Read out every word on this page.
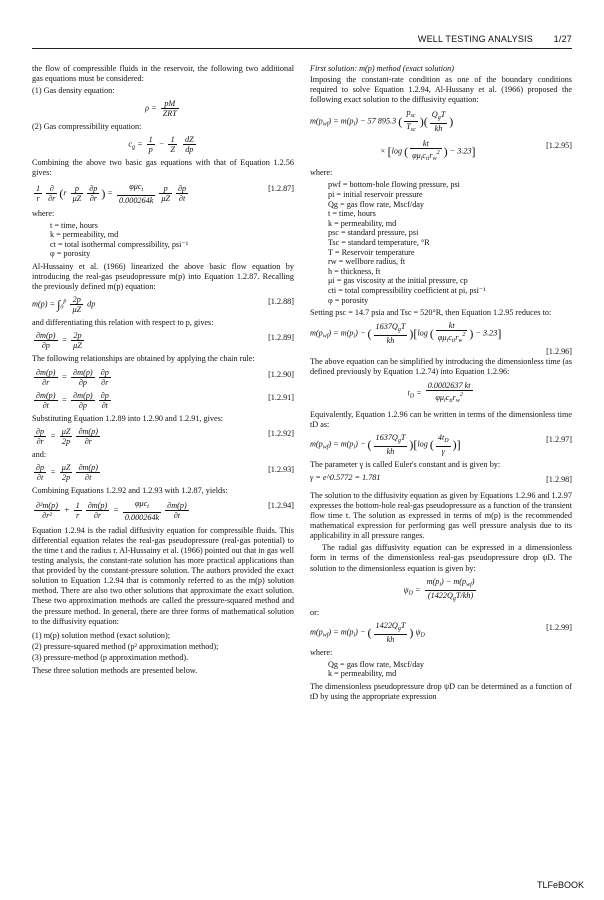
WELL TESTING ANALYSIS 1/27

the flow of compressible fluids in the reservoir, the following two additional gas equations must be considered:

(1) Gas density equation:

$\rho = \frac{pM}{\text{ZRT}}$

(2) Gas compressibility equation:

$c_g = \frac{1}{p} - \frac{1}{Z}$
$\frac{dZ}{dp}$

Combining the above two basic gas equations with that of Equation 1.2.56 gives:

$\frac{1}{r} \frac{\partial}{\partial r} (r \frac{p}{\mu Z} \frac{\partial p}{\partial r}$ ) = $\frac{\varphi\mu c_t}{0.000264k} \frac{p}{\mu Z} \frac{\partial p}{\partial t}$	[1.2.87]

where:

t = time, hours
k = permeability, md
ct = total isothermal compressibility, psi⁻¹
φ = porosity

Al-Hussainy et al. (1966) linearized the above basic flow equation by introducing the real-gas pseudopressure m(p) into Equation 1.2.87. Recalling the previously defined m(p) equation:

$m(p) = \int_0^p \frac{2p}{\mu Z}$ dp	[1.2.88]

and differentiating this relation with respect to p, gives:

$\frac{\partial m(p)}{\partial p} = \frac{2p}{\mu Z}$	[1.2.89]

The following relationships are obtained by applying the chain rule:

$\frac{\partial m(p)}{\partial r} = \frac{\partial m(p)}{\partial p} \frac{\partial p}{\partial r}$	[1.2.90]
$\frac{\partial m(p)}{\partial t} = \frac{\partial m(p)}{\partial p} \frac{\partial p}{\partial t}$	[1.2.91]

Substituting Equation 1.2.89 into 1.2.90 and 1.2.91, gives:

$\frac{\partial p}{\partial r} = \frac{\mu Z}{2p} \frac{\partial m(p)}{\partial r}$	[1.2.92]

and:

$\frac{\partial p}{\partial t} = \frac{\mu Z}{2p} \frac{\partial m(p)}{\partial t}$	[1.2.93]

Combining Equations 1.2.92 and 1.2.93 with 1.2.87, yields:

$\frac{\text{∂²m(p)}}{\text{∂r²}} + \frac{1}{r} \frac{\partial m(p)}{\partial r} = \frac{\varphi\mu c_t}{0.000264k} \frac{\partial m(p)}{\partial t}$	[1.2.94]

Equation 1.2.94 is the radial diffusivity equation for compressible fluids. This differential equation relates the real-gas pseudopressure (real-gas potential) to the time t and the radius r. Al-Hussainy et al. (1966) pointed out that in gas well testing analysis, the constant-rate solution has more practical applications than that provided by the constant-pressure solution. The authors provided the exact solution to Equation 1.2.94 that is commonly referred to as the m(p) solution method. There are also two other solutions that approximate the exact solution. These two approximation methods are called the pressure-squared method and the pressure method. In general, there are three forms of mathematical solution to the diffusivity equation:

(1) m(p) solution method (exact solution);
(2) pressure-squared method (p² approximation method);
(3) pressure-method (p approximation method).

These three solution methods are presented below.

First solution: m(p) method (exact solution)

Imposing the constant-rate condition as one of the boundary conditions required to solve Equation 1.2.94, Al-Hussany et al. (1966) proposed the following exact solution to the diffusivity equation:

$m(p_{wf}) = m(p_i) - 57$ 895.3 ( $\frac{p_{sc}}{T_{sc}}$ )( $\frac{Q_gT}{kh}$ )
× [log ( $\frac{kt}{\varphi\mu_ic_{ti}r_w^2}$ ) − 3.23]	[1.2.95]

where:

pwf = bottom-hole flowing pressure, psi
pi = initial reservoir pressure
Qg = gas flow rate, Mscf/day
t = time, hours
k = permeability, md
psc = standard pressure, psi
Tsc = standard temperature, °R
T = Reservoir temperature
rw = wellbore radius, ft
h = thickness, ft
μi = gas viscosity at the initial pressure, cp
cti = total compressibility coefficient at pi, psi⁻¹
φ = porosity

Setting psc = 14.7 psia and Tsc = 520°R, then Equation 1.2.95 reduces to:

$m(p_{wf}) = m(p_i)$ − ( $\frac{1637Q_gT}{kh} )[\log$ ( $\frac{kt}{\varphi\mu_ic_{ti}r_w^2}$ ) − 3.23]
[1.2.96]

The above equation can be simplified by introducing the dimensionless time (as defined previously by Equation 1.2.74) into Equation 1.2.96:

$t_D = \frac{0.0002637 kt}{\varphi\mu_ic_{ti}r_w^2}$

Equivalently, Equation 1.2.96 can be written in terms of the dimensionless time tD as:

$m(p_{wf}) = m(p_i)$ − ( $\frac{1637Q_gT}{kh} )[\log$ ( $\frac{4t_D}{\gamma}$ )]	[1.2.97]

The parameter γ is called Euler's constant and is given by:

γ = e^0.5772 = 1.781	[1.2.98]

The solution to the diffusivity equation as given by Equations 1.2.96 and 1.2.97 expresses the bottom-hole real-gas pseudopressure as a function of the transient flow time t. The solution as expressed in terms of m(p) is the recommended mathematical expression for performing gas well pressure analysis due to its applicability in all pressure ranges.

The radial gas diffusivity equation can be expressed in a dimensionless form in terms of the dimensionless real-gas pseudopressure drop ψD. The solution to the dimensionless equation is given by:

$\psi_D = \frac{m(p_i) - m(p_{wf})}{(1422Q_gT/kh)}$

or:

$m(p_{wf}) = m(p_i)$ − ( $\frac{1422Q_gT}{kh}$ ) $\psi_D$
[1.2.99]

where:

Qg = gas flow rate, Mscf/day
k = permeability, md

The dimensionless pseudopressure drop ψD can be determined as a function of tD by using the appropriate expression

TLFeBOOK
